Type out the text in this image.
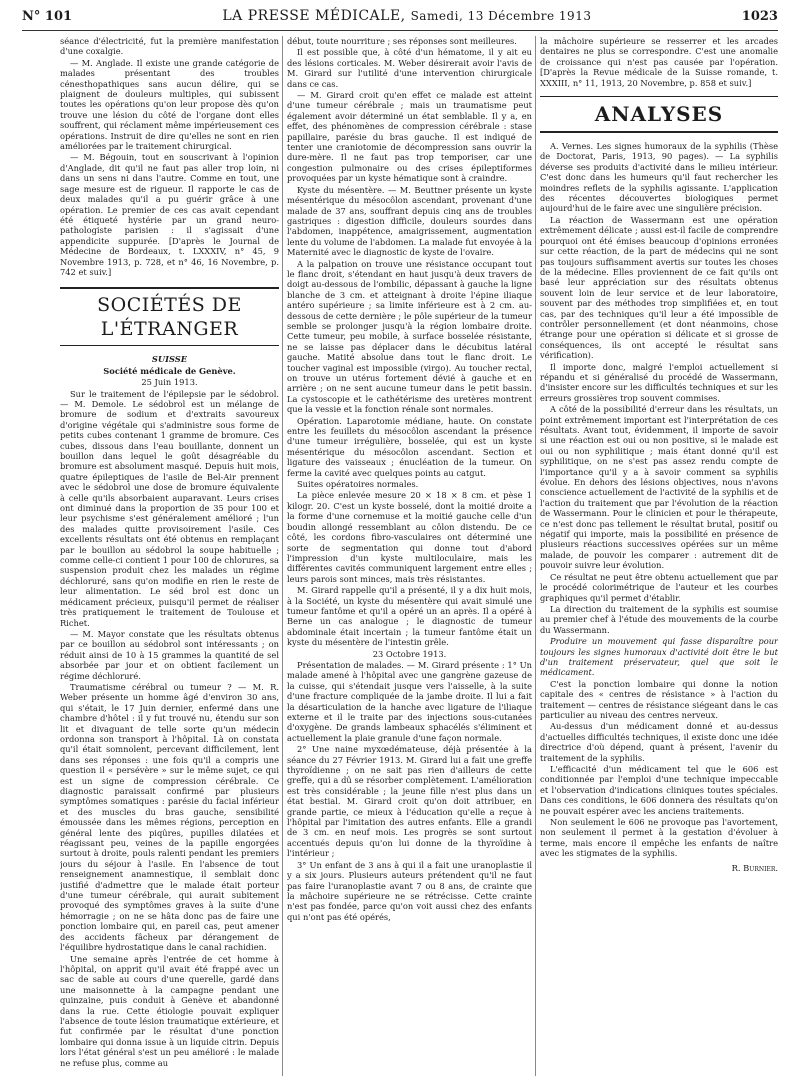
N° 101	LA PRESSE MÉDICALE, Samedi, 13 Décembre 1913	1023

séance d'électricité, fut la première manifestation d'une coxalgie.

— M. Anglade. Il existe une grande catégorie de malades présentant des troubles cénesthopathiques sans aucun délire, qui se plaignent de douleurs multiples, qui subissent toutes les opérations qu'on leur propose dès qu'on trouve une lésion du côté de l'organe dont elles souffrent, qui réclament même impérieusement ces opérations. Instruit de dire qu'elles ne sont en rien améliorées par le traitement chirurgical.

— M. Bégouin, tout en souscrivant à l'opinion d'Anglade, dit qu'il ne faut pas aller trop loin, ni dans un sens ni dans l'autre. Comme en tout, une sage mesure est de rigueur. Il rapporte le cas de deux malades qu'il a pu guérir grâce à une opération. Le premier de ces cas avait cependant été étiqueté hystérie par un grand neuro-pathologiste parisien : il s'agissait d'une appendicite suppurée. [D'après le Journal de Médecine de Bordeaux, t. LXXXIV, n° 45, 9 Novembre 1913, p. 728, et n° 46, 16 Novembre, p. 742 et suiv.]

SOCIÉTÉS DE L'ÉTRANGER

SUISSE

Société médicale de Genève.

25 Juin 1913.

Sur le traitement de l'épilepsie par le sédobrol. — M. Demole. Le sédobrol est un mélange de bromure de sodium et d'extraits savoureux d'origine végétale qui s'administre sous forme de petits cubes contenant 1 gramme de bromure. Ces cubes, dissous dans l'eau bouillante, donnent un bouillon dans lequel le goût désagréable du bromure est absolument masqué. Depuis huit mois, quatre épileptiques de l'asile de Bel-Air prennent avec le sédobrol une dose de bromure équivalente à celle qu'ils absorbaient auparavant. Leurs crises ont diminué dans la proportion de 35 pour 100 et leur psychisme s'est généralement amélioré ; l'un des malades quitte provisoirement l'asile. Ces excellents résultats ont été obtenus en remplaçant par le bouillon au sédobrol la soupe habituelle ; comme celle-ci contient 1 pour 100 de chlorures, sa suspension produit chez les malades un régime déchloruré, sans qu'on modifie en rien le reste de leur alimentation. Le séd brol est donc un médicament précieux, puisqu'il permet de réaliser très pratiquement le traitement de Toulouse et Richet.

— M. Mayor constate que les résultats obtenus par ce bouillon au sédobrol sont intéressants ; on réduit ainsi de 10 à 15 grammes la quantité de sel absorbée par jour et on obtient facilement un régime déchloruré.

Traumatisme cérébral ou tumeur ? — M. R. Weber présente un homme âgé d'environ 30 ans, qui s'était, le 17 Juin dernier, enfermé dans une chambre d'hôtel : il y fut trouvé nu, étendu sur son lit et divaguant de telle sorte qu'un médecin ordonna son transport à l'hôpital. Là on constata qu'il était somnolent, percevant difficilement, lent dans ses réponses : une fois qu'il a compris une question il « persévère » sur le même sujet, ce qui est un signe de compression cérébrale. Ce diagnostic paraissait confirmé par plusieurs symptômes somatiques : parésie du facial inférieur et des muscles du bras gauche, sensibilité émoussée dans les mêmes régions, perception en général lente des piqûres, pupilles dilatées et réagissant peu, veines de la papille engorgées surtout à droite, pouls ralenti pendant les premiers jours du séjour à l'asile. En l'absence de tout renseignement anamnestique, il semblait donc justifié d'admettre que le malade était porteur d'une tumeur cérébrale, qui aurait subitement provoqué des symptômes graves à la suite d'une hémorragie ; on ne se hâta donc pas de faire une ponction lombaire qui, en pareil cas, peut amener des accidents fâcheux par dérangement de l'équilibre hydrostatique dans le canal rachidien.

Une semaine après l'entrée de cet homme à l'hôpital, on apprit qu'il avait été frappé avec un sac de sable au cours d'une querelle, gardé dans une maisonnette à la campagne pendant une quinzaine, puis conduit à Genève et abandonné dans la rue. Cette étiologie pouvait expliquer l'absence de toute lésion traumatique extérieure, et fut confirmée par le résultat d'une ponction lombaire qui donna issue à un liquide citrin. Depuis lors l'état général s'est un peu amélioré : le malade ne refuse plus, comme au

début, toute nourriture ; ses réponses sont meilleures.

Il est possible que, à côté d'un hématome, il y ait eu des lésions corticales. M. Weber désirerait avoir l'avis de M. Girard sur l'utilité d'une intervention chirurgicale dans ce cas.

— M. Girard croit qu'en effet ce malade est atteint d'une tumeur cérébrale ; mais un traumatisme peut également avoir déterminé un état semblable. Il y a, en effet, des phénomènes de compression cérébrale : stase papillaire, parésie du bras gauche. Il est indiqué de tenter une craniotomie de décompression sans ouvrir la dure-mère. Il ne faut pas trop temporiser, car une congestion pulmonaire ou des crises épileptiformes provoquées par un kyste hématique sont à craindre.

Kyste du mésentère. — M. Beuttner présente un kyste mésentérique du mésocôlon ascendant, provenant d'une malade de 37 ans, souffrant depuis cinq ans de troubles gastriques : digestion difficile, douleurs sourdes dans l'abdomen, inappétence, amaigrissement, augmentation lente du volume de l'abdomen. La malade fut envoyée à la Maternité avec le diagnostic de kyste de l'ovaire.

A la palpation on trouve une résistance occupant tout le flanc droit, s'étendant en haut jusqu'à deux travers de doigt au-dessous de l'ombilic, dépassant à gauche la ligne blanche de 3 cm. et atteignant à droite l'épine iliaque antéro supérieure ; sa limite inférieure est à 2 cm. au-dessous de cette dernière ; le pôle supérieur de la tumeur semble se prolonger jusqu'à la région lombaire droite. Cette tumeur, peu mobile, à surface bosselée résistante, ne se laisse pas déplacer dans le décubitus latéral gauche. Matité absolue dans tout le flanc droit. Le toucher vaginal est impossible (virgo). Au toucher rectal, on trouve un utérus fortement dévié à gauche et en arrière ; on ne sent aucune tumeur dans le petit bassin. La cystoscopie et le cathétérisme des uretères montrent que la vessie et la fonction rénale sont normales.

Opération. Laparotomie médiane, haute. On constate entre les feuillets du mésocôlon ascendant la présence d'une tumeur irrégulière, bosselée, qui est un kyste mésentérique du mésocôlon ascendant. Section et ligature des vaisseaux ; énucléation de la tumeur. On ferme la cavité avec quelques points au catgut.

Suites opératoires normales.

La pièce enlevée mesure 20 × 18 × 8 cm. et pèse 1 kilogr. 20. C'est un kyste bosselé, dont la moitié droite a la forme d'une cornemuse et la moitié gauche celle d'un boudin allongé ressemblant au côlon distendu. De ce côté, les cordons fibro-vasculaires ont déterminé une sorte de segmentation qui donne tout d'abord l'impression d'un kyste multiloculaire, mais les différentes cavités communiquent largement entre elles ; leurs parois sont minces, mais très résistantes.

M. Girard rappelle qu'il a présenté, il y a dix huit mois, à la Société, un kyste du mésentère qui avait simulé une tumeur fantôme et qu'il a opéré un an après. Il a opéré à Berne un cas analogue ; le diagnostic de tumeur abdominale était incertain ; la tumeur fantôme était un kyste du mésentère de l'intestin grêle.

23 Octobre 1913.

Présentation de malades. — M. Girard présente : 1° Un malade amené à l'hôpital avec une gangrène gazeuse de la cuisse, qui s'étendait jusque vers l'aisselle, à la suite d'une fracture compliquée de la jambe droite. Il lui a fait la désarticulation de la hanche avec ligature de l'iliaque externe et il le traite par des injections sous-cutanées d'oxygène. De grands lambeaux sphacélés s'éliminent et actuellement la plaie granule d'une façon normale.

2° Une naine myxœdémateuse, déjà présentée à la séance du 27 Février 1913. M. Girard lui a fait une greffe thyroïdienne ; on ne sait pas rien d'ailleurs de cette greffe, qui a dû se résorber complètement. L'amélioration est très considérable ; la jeune fille n'est plus dans un état bestial. M. Girard croit qu'on doit attribuer, en grande partie, ce mieux à l'éducation qu'elle a reçue à l'hôpital par l'imitation des autres enfants. Elle a grandi de 3 cm. en neuf mois. Les progrès se sont surtout accentués depuis qu'on lui donne de la thyroïdine à l'intérieur ;

3° Un enfant de 3 ans à qui il a fait une uranoplastie il y a six jours. Plusieurs auteurs prétendent qu'il ne faut pas faire l'uranoplastie avant 7 ou 8 ans, de crainte que la mâchoire supérieure ne se rétrécisse. Cette crainte n'est pas fondée, parce qu'on voit aussi chez des enfants qui n'ont pas été opérés,

la mâchoire supérieure se resserrer et les arcades dentaires ne plus se correspondre. C'est une anomalie de croissance qui n'est pas causée par l'opération. [D'après la Revue médicale de la Suisse romande, t. XXXIII, n° 11, 1913, 20 Novembre, p. 858 et suiv.]

ANALYSES

A. Vernes. Les signes humoraux de la syphilis (Thèse de Doctorat, Paris, 1913, 90 pages). — La syphilis déverse ses produits d'activité dans le milieu intérieur. C'est donc dans les humeurs qu'il faut rechercher les moindres reflets de la syphilis agissante. L'application des récentes découvertes biologiques permet aujourd'hui de le faire avec une singulière précision.

La réaction de Wassermann est une opération extrêmement délicate ; aussi est-il facile de comprendre pourquoi ont été émises beaucoup d'opinions erronées sur cette réaction, de la part de médecins qui ne sont pas toujours suffisamment avertis sur toutes les choses de la médecine. Elles proviennent de ce fait qu'ils ont basé leur appréciation sur des résultats obtenus souvent loin de leur service et de leur laboratoire, souvent par des méthodes trop simplifiées et, en tout cas, par des techniques qu'il leur a été impossible de contrôler personnellement (et dont néanmoins, chose étrange pour une opération si délicate et si grosse de conséquences, ils ont accepté le résultat sans vérification).

Il importe donc, malgré l'emploi actuellement si répandu et si généralisé du procédé de Wassermann, d'insister encore sur les difficultés techniques et sur les erreurs grossières trop souvent commises.

A côté de la possibilité d'erreur dans les résultats, un point extrêmement important est l'interprétation de ces résultats. Avant tout, évidemment, il importe de savoir si une réaction est oui ou non positive, si le malade est oui ou non syphilitique ; mais étant donné qu'il est syphilitique, on ne s'est pas assez rendu compte de l'importance qu'il y a à savoir comment sa syphilis évolue. En dehors des lésions objectives, nous n'avons conscience actuellement de l'activité de la syphilis et de l'action du traitement que par l'évolution de la réaction de Wassermann. Pour le clinicien et pour le thérapeute, ce n'est donc pas tellement le résultat brutal, positif ou négatif qui importe, mais la possibilité en présence de plusieurs réactions successives opérées sur un même malade, de pouvoir les comparer : autrement dit de pouvoir suivre leur évolution.

Ce résultat ne peut être obtenu actuellement que par le procédé colorimétrique de l'auteur et les courbes graphiques qu'il permet d'établir.

La direction du traitement de la syphilis est soumise au premier chef à l'étude des mouvements de la courbe du Wassermann.

Produire un mouvement qui fasse disparaître pour toujours les signes humoraux d'activité doit être le but d'un traitement préservateur, quel que soit le médicament.

C'est la ponction lombaire qui donne la notion capitale des « centres de résistance » à l'action du traitement — centres de résistance siégeant dans le cas particulier au niveau des centres nerveux.

Au-dessus d'un médicament donné et au-dessus d'actuelles difficultés techniques, il existe donc une idée directrice d'où dépend, quant à présent, l'avenir du traitement de la syphilis.

L'efficacité d'un médicament tel que le 606 est conditionnée par l'emploi d'une technique impeccable et l'observation d'indications cliniques toutes spéciales. Dans ces conditions, le 606 donnera des résultats qu'on ne pouvait espérer avec les anciens traitements.

Non seulement le 606 ne provoque pas l'avortement, non seulement il permet à la gestation d'évoluer à terme, mais encore il empêche les enfants de naître avec les stigmates de la syphilis.

R. Burnier.
